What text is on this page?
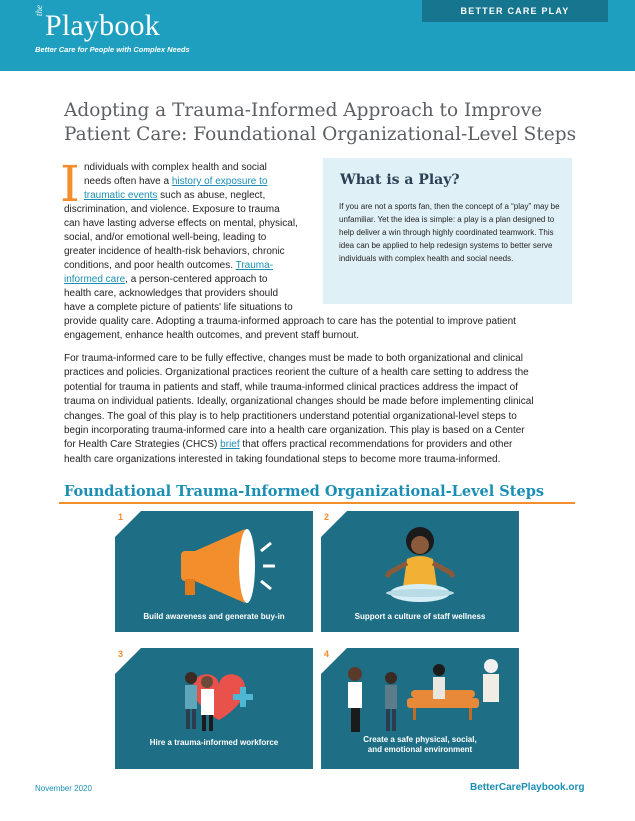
the Playbook
Better Care for People with Complex Needs
BETTER CARE PLAY
Adopting a Trauma-Informed Approach to Improve
Patient Care: Foundational Organizational-Level Steps
I ndividuals with complex health and social
needs often have a history of exposure to
traumatic events such as abuse, neglect,
discrimination, and violence. Exposure to trauma
can have lasting adverse effects on mental, physical,
social, and/or emotional well-being, leading to
greater incidence of health-risk behaviors, chronic
conditions, and poor health outcomes. Trauma-
informed care, a person-centered approach to
health care, acknowledges that providers should
have a complete picture of patients' life situations to
provide quality care. Adopting a trauma-informed approach to care has the potential to improve patient
engagement, enhance health outcomes, and prevent staff burnout.
What is a Play?

If you are not a sports fan, then the concept of a “play” may be unfamiliar. Yet the idea is simple: a play is a plan designed to help deliver a win through highly coordinated teamwork. This idea can be applied to help redesign systems to better serve individuals with complex health and social needs.

For trauma-informed care to be fully effective, changes must be made to both organizational and clinical
practices and policies. Organizational practices reorient the culture of a health care setting to address the
potential for trauma in patients and staff, while trauma-informed clinical practices address the impact of
trauma on individual patients. Ideally, organizational changes should be made before implementing clinical
changes. The goal of this play is to help practitioners understand potential organizational-level steps to
begin incorporating trauma-informed care into a health care organization. This play is based on a Center
for Health Care Strategies (CHCS) brief that offers practical recommendations for providers and other
health care organizations interested in taking foundational steps to become more trauma-informed.
Foundational Trauma-Informed Organizational-Level Steps
1
Build awareness and generate buy-in
2
Support a culture of staff wellness
3
Hire a trauma-informed workforce
4
Create a safe physical, social,
and emotional environment
November 2020	BetterCarePlaybook.org
